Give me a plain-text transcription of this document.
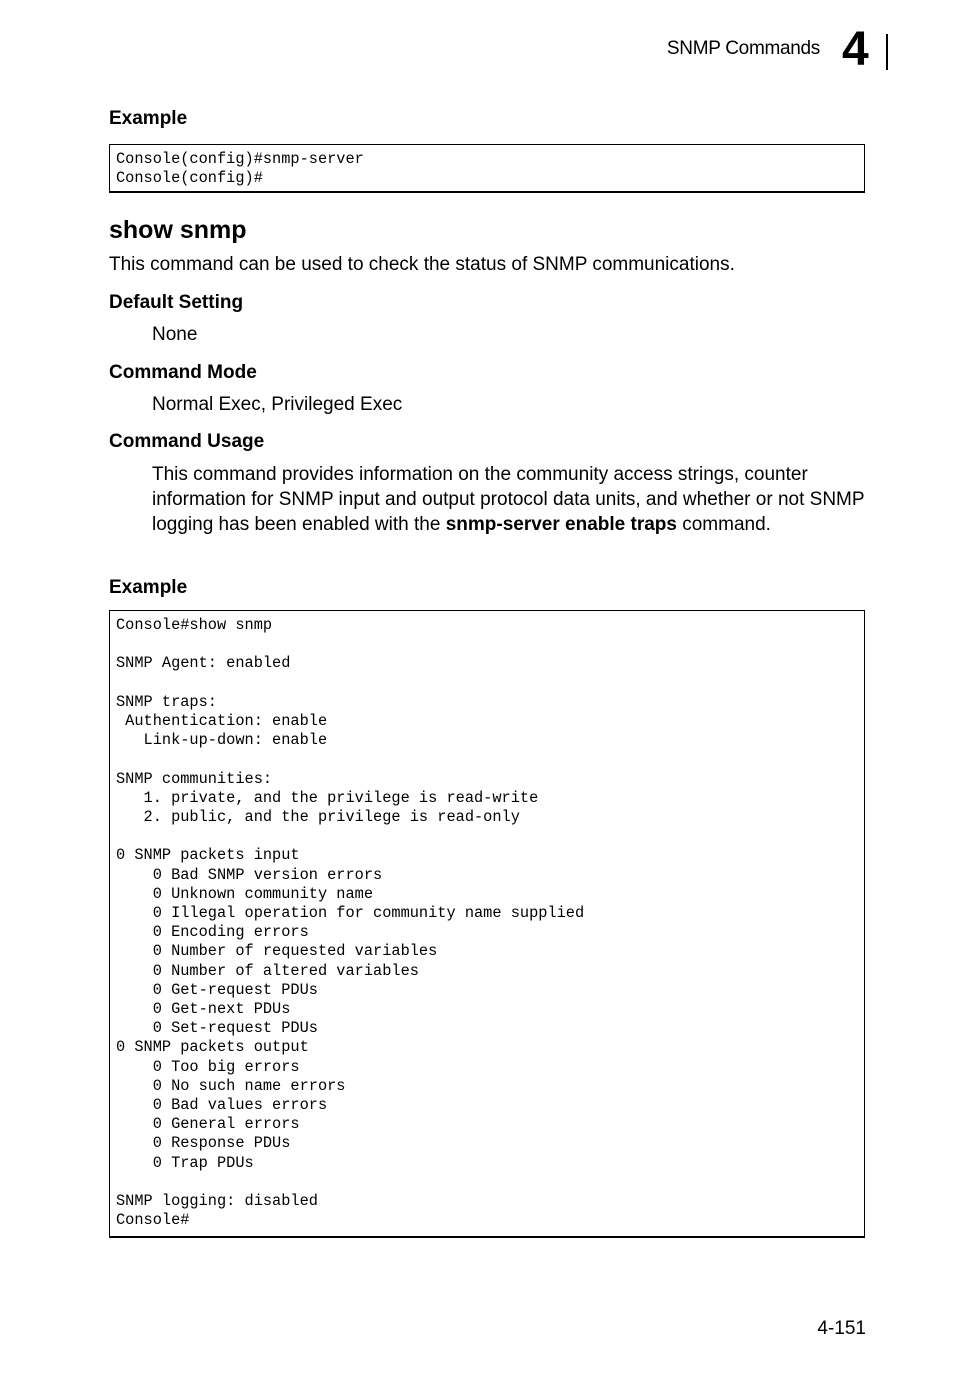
SNMP Commands 4
Example
Console(config)#snmp-server
Console(config)#
show snmp

This command can be used to check the status of SNMP communications.

Default Setting

None

Command Mode

Normal Exec, Privileged Exec

Command Usage

This command provides information on the community access strings, counter information for SNMP input and output protocol data units, and whether or not SNMP logging has been enabled with the snmp-server enable traps command.

Example
Console#show snmp

SNMP Agent: enabled

SNMP traps:
Authentication: enable
Link-up-down: enable

SNMP communities:
1. private, and the privilege is read-write
2. public, and the privilege is read-only

0 SNMP packets input
0 Bad SNMP version errors
0 Unknown community name
0 Illegal operation for community name supplied
0 Encoding errors
0 Number of requested variables
0 Number of altered variables
0 Get-request PDUs
0 Get-next PDUs
0 Set-request PDUs
0 SNMP packets output
0 Too big errors
0 No such name errors
0 Bad values errors
0 General errors
0 Response PDUs
0 Trap PDUs

SNMP logging: disabled
Console#
4-151
